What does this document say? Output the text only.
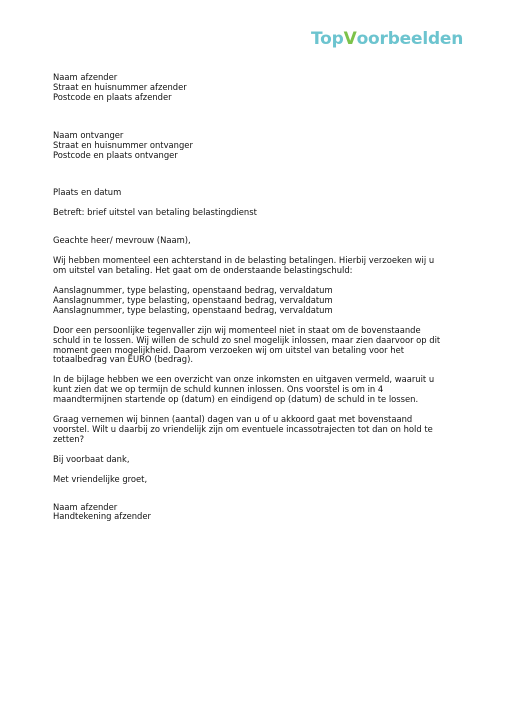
TopVoorbeelden
Naam afzender
Straat en huisnummer afzender
Postcode en plaats afzender
Naam ontvanger
Straat en huisnummer ontvanger
Postcode en plaats ontvanger
Plaats en datum
Betreft: brief uitstel van betaling belastingdienst
Geachte heer/ mevrouw (Naam),
Wij hebben momenteel een achterstand in de belasting betalingen. Hierbij verzoeken wij u
om uitstel van betaling. Het gaat om de onderstaande belastingschuld:
Aanslagnummer, type belasting, openstaand bedrag, vervaldatum
Aanslagnummer, type belasting, openstaand bedrag, vervaldatum
Aanslagnummer, type belasting, openstaand bedrag, vervaldatum
Door een persoonlijke tegenvaller zijn wij momenteel niet in staat om de bovenstaande
schuld in te lossen. Wij willen de schuld zo snel mogelijk inlossen, maar zien daarvoor op dit
moment geen mogelijkheid. Daarom verzoeken wij om uitstel van betaling voor het
totaalbedrag van EURO (bedrag).
In de bijlage hebben we een overzicht van onze inkomsten en uitgaven vermeld, waaruit u
kunt zien dat we op termijn de schuld kunnen inlossen. Ons voorstel is om in 4
maandtermijnen startende op (datum) en eindigend op (datum) de schuld in te lossen.
Graag vernemen wij binnen (aantal) dagen van u of u akkoord gaat met bovenstaand
voorstel. Wilt u daarbij zo vriendelijk zijn om eventuele incassotrajecten tot dan on hold te
zetten?
Bij voorbaat dank,
Met vriendelijke groet,
Naam afzender
Handtekening afzender
